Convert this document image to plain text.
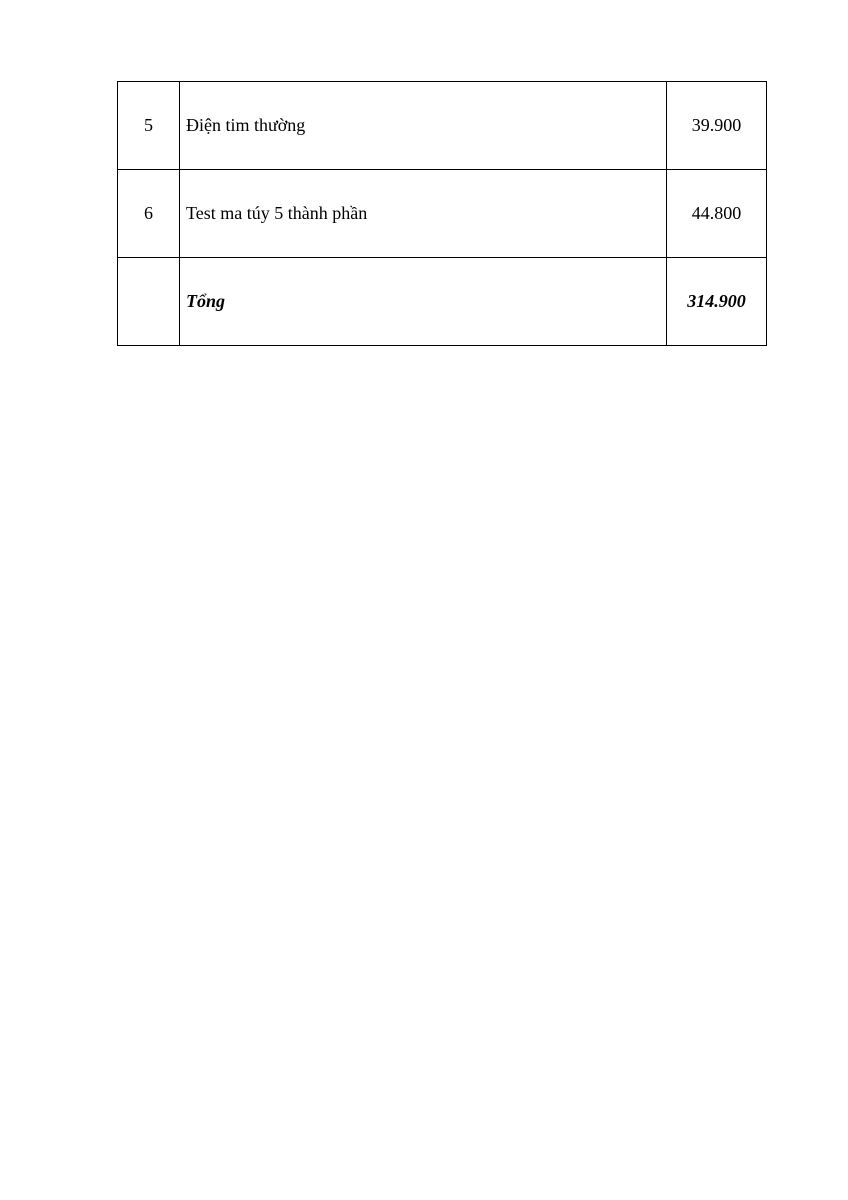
5	Điện tim thường	39.900
6	Test ma túy 5 thành phần	44.800
	Tổng	314.900
